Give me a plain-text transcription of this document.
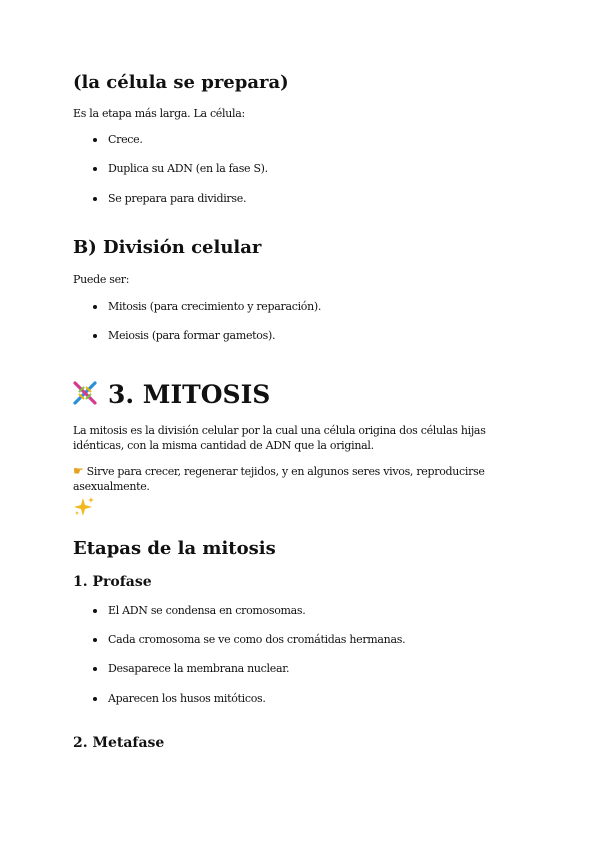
(la célula se prepara)

Es la etapa más larga. La célula:

Crece.
Duplica su ADN (en la fase S).
Se prepara para dividirse.
B) División celular

Puede ser:

Mitosis (para crecimiento y reparación).
Meiosis (para formar gametos).
3. MITOSIS

La mitosis es la división celular por la cual una célula origina dos células hijas idénticas, con la misma cantidad de ADN que la original.

☛ Sirve para crecer, regenerar tejidos, y en algunos seres vivos, reproducirse asexualmente.

Etapas de la mitosis
1. Profase
El ADN se condensa en cromosomas.
Cada cromosoma se ve como dos cromátidas hermanas.
Desaparece la membrana nuclear.
Aparecen los husos mitóticos.
2. Metafase
